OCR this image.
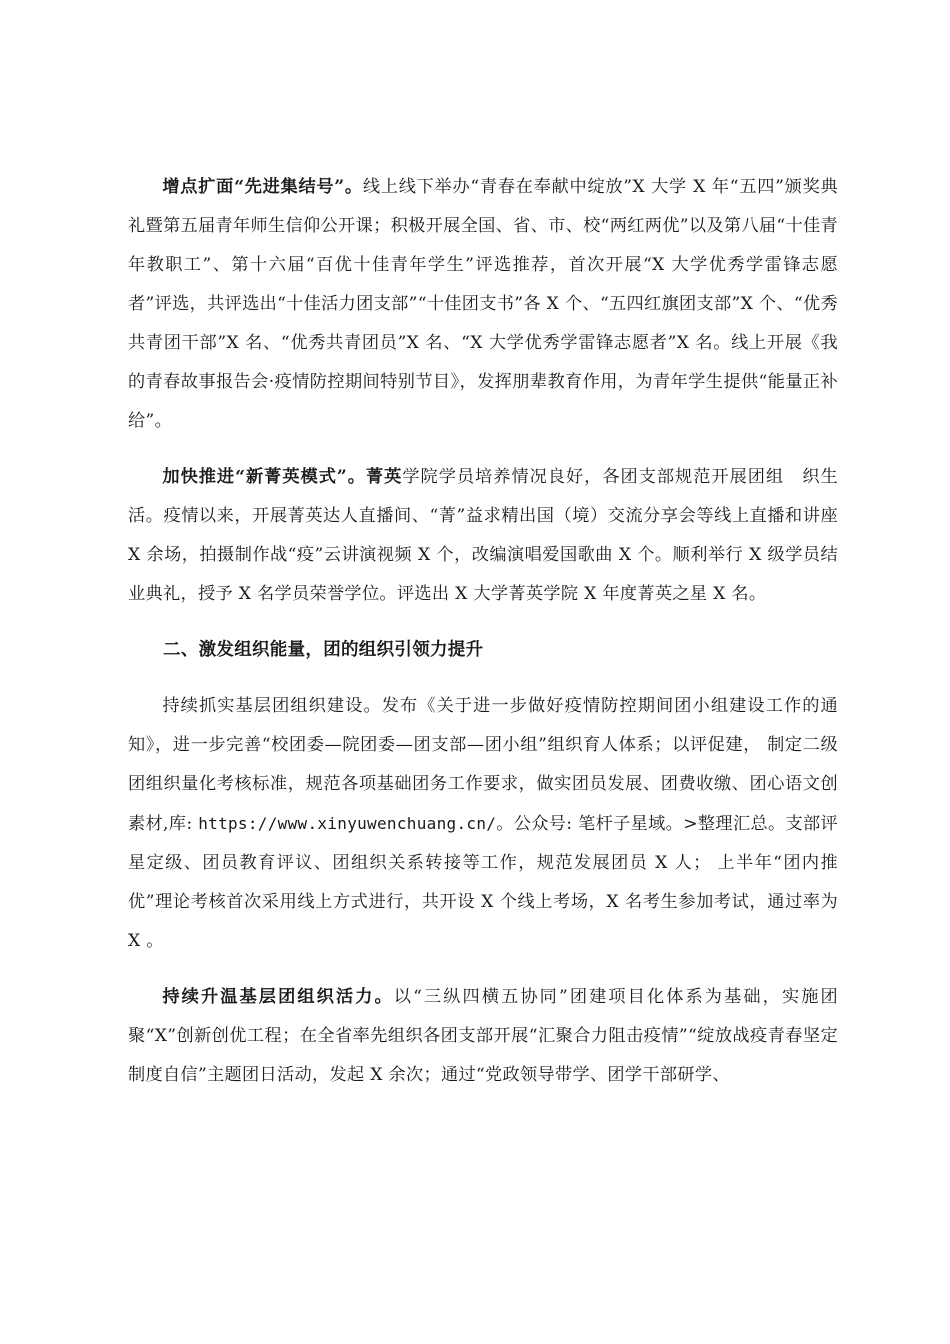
增点扩面“先进集结号”。线上线下举办“青春在奉献中绽放”X 大学 X 年“五四”颁奖典礼暨第五届青年师生信仰公开课；积极开展全国、省、市、校“两红两优”以及第八届“十佳青年教职工”、第十六届“百优十佳青年学生”评选推荐，首次开展“X 大学优秀学雷锋志愿者”评选，共评选出“十佳活力团支部”“十佳团支书”各 X 个、“五四红旗团支部”X 个、“优秀共青团干部”X 名、“优秀共青团员”X 名、“X 大学优秀学雷锋志愿者”X 名。线上开展《我的青春故事报告会·疫情防控期间特别节目》，发挥朋辈教育作用，为青年学生提供“能量正补给”。

加快推进“新菁英模式”。菁英学院学员培养情况良好，各团支部规范开展团组　织生活。疫情以来，开展菁英达人直播间、“菁”益求精出国（境）交流分享会等线上直播和讲座 X 余场，拍摄制作战“疫”云讲演视频 X 个，改编演唱爱国歌曲 X 个。顺利举行 X 级学员结业典礼，授予 X 名学员荣誉学位。评选出 X 大学菁英学院 X 年度菁英之星 X 名。

二、激发组织能量，团的组织引领力提升

持续抓实基层团组织建设。发布《关于进一步做好疫情防控期间团小组建设工作的通知》，进一步完善“校团委—院团委—团支部—团小组”组织育人体系；以评促建， 制定二级团组织量化考核标准，规范各项基础团务工作要求，做实团员发展、团费收缴、团心语文创素材,库: https://www.xinyuwenchuang.cn/。公众号: 笔杆子星域。>整理汇总。支部评星定级、团员教育评议、团组织关系转接等工作，规范发展团员 X 人； 上半年“团内推优”理论考核首次采用线上方式进行，共开设 X 个线上考场，X 名考生参加考试，通过率为 X 。

持续升温基层团组织活力。以“三纵四横五协同”团建项目化体系为基础，实施团聚“X”创新创优工程；在全省率先组织各团支部开展“汇聚合力阻击疫情”“绽放战疫青春坚定制度自信”主题团日活动，发起 X 余次；通过“党政领导带学、团学干部研学、
